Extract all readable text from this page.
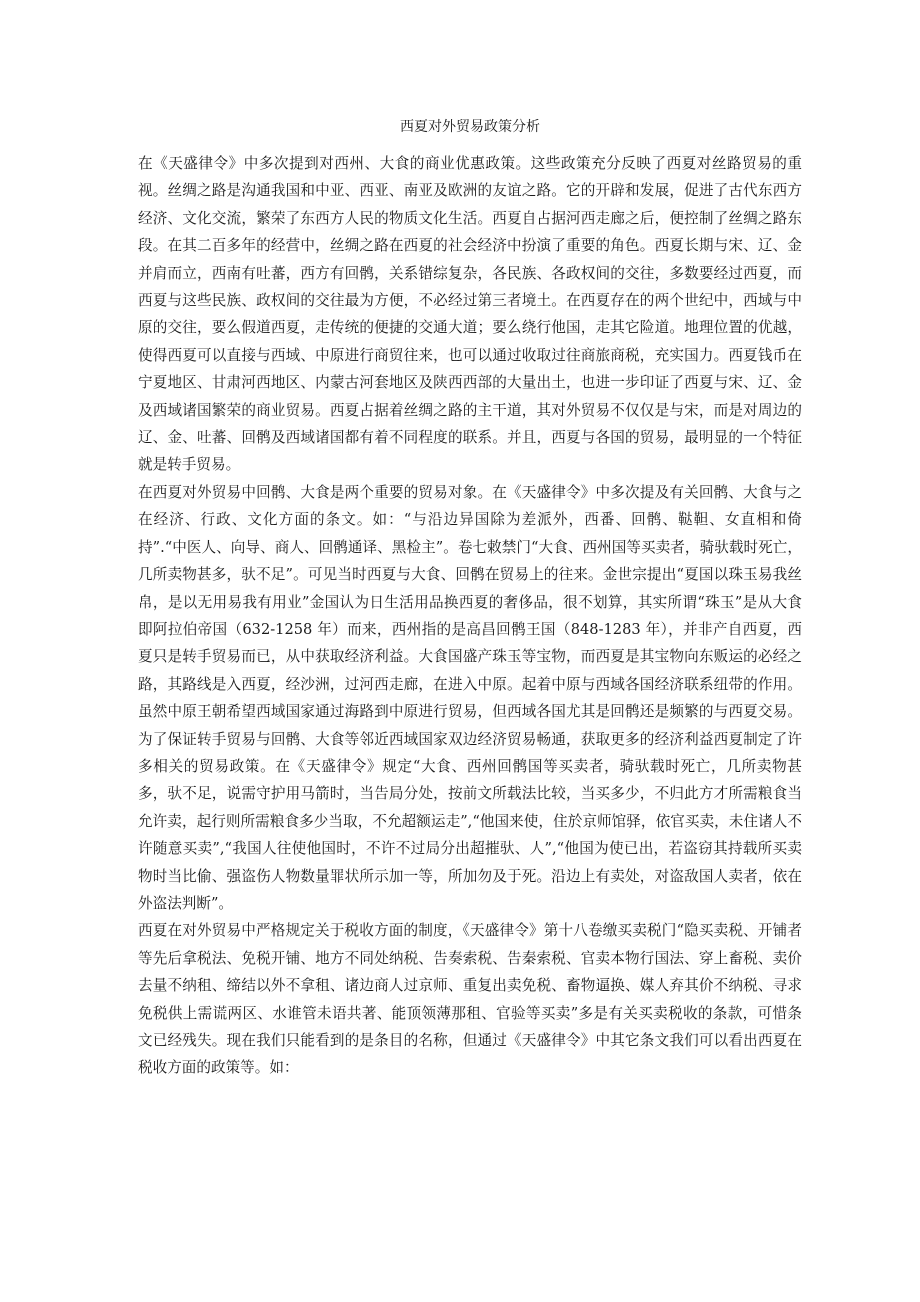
西夏对外贸易政策分析

在《天盛律令》中多次提到对西州、大食的商业优惠政策。这些政策充分反映了西夏对丝路贸易的重视。丝绸之路是沟通我国和中亚、西亚、南亚及欧洲的友谊之路。它的开辟和发展，促进了古代东西方经济、文化交流，繁荣了东西方人民的物质文化生活。西夏自占据河西走廊之后，便控制了丝绸之路东段。在其二百多年的经营中，丝绸之路在西夏的社会经济中扮演了重要的角色。西夏长期与宋、辽、金并肩而立，西南有吐蕃，西方有回鹘，关系错综复杂，各民族、各政权间的交往，多数要经过西夏，而西夏与这些民族、政权间的交往最为方便，不必经过第三者境土。在西夏存在的两个世纪中，西域与中原的交往，要么假道西夏，走传统的便捷的交通大道；要么绕行他国，走其它险道。地理位置的优越，使得西夏可以直接与西域、中原进行商贸往来，也可以通过收取过往商旅商税，充实国力。西夏钱币在宁夏地区、甘肃河西地区、内蒙古河套地区及陕西西部的大量出土，也进一步印证了西夏与宋、辽、金及西域诸国繁荣的商业贸易。西夏占据着丝绸之路的主干道，其对外贸易不仅仅是与宋，而是对周边的辽、金、吐蕃、回鹘及西域诸国都有着不同程度的联系。并且，西夏与各国的贸易，最明显的一个特征就是转手贸易。

在西夏对外贸易中回鹘、大食是两个重要的贸易对象。在《天盛律令》中多次提及有关回鹘、大食与之在经济、行政、文化方面的条文。如：“与沿边异国除为差派外，西番、回鹘、鞑靼、女直相和倚持”.“中医人、向导、商人、回鹘通译、黑检主”。卷七敕禁门“大食、西州国等买卖者，骑驮载时死亡，几所卖物甚多，驮不足”。可见当时西夏与大食、回鹘在贸易上的往来。金世宗提出“夏国以珠玉易我丝帛，是以无用易我有用业”金国认为日生活用品换西夏的奢侈品，很不划算，其实所谓“珠玉”是从大食即阿拉伯帝国（632-1258 年）而来，西州指的是高昌回鹘王国（848-1283 年），并非产自西夏，西夏只是转手贸易而已，从中获取经济利益。大食国盛产珠玉等宝物，而西夏是其宝物向东贩运的必经之路，其路线是入西夏，经沙洲，过河西走廊，在进入中原。起着中原与西域各国经济联系纽带的作用。虽然中原王朝希望西域国家通过海路到中原进行贸易，但西域各国尤其是回鹘还是频繁的与西夏交易。为了保证转手贸易与回鹘、大食等邻近西域国家双边经济贸易畅通，获取更多的经济利益西夏制定了许多相关的贸易政策。在《天盛律令》规定“大食、西州回鹘国等买卖者，骑驮载时死亡，几所卖物甚多，驮不足，说需守护用马箭时，当告局分处，按前文所载法比较，当买多少，不归此方才所需粮食当允许卖，起行则所需粮食多少当取，不允超额运走”,“他国来使，住於京师馆驿，依官买卖，未住诸人不许随意买卖”,“我国人往使他国时，不许不过局分出超摧驮、人”,“他国为使已出，若盗窃其持载所买卖物时当比偷、强盗伤人物数量罪状所示加一等，所加勿及于死。沿边上有卖处，对盗敌国人卖者，依在外盗法判断”。

西夏在对外贸易中严格规定关于税收方面的制度，《天盛律令》第十八卷缴买卖税门“隐买卖税、开铺者等先后拿税法、免税开铺、地方不同处纳税、告奏索税、告秦索税、官卖本物行国法、穿上畜税、卖价去量不纳租、缔结以外不拿租、诸边商人过京师、重复出卖免税、畜物逼换、媒人弃其价不纳税、寻求免税供上需谎两区、水谁管未语共著、能顶领薄那租、官验等买卖”多是有关买卖税收的条款，可惜条文已经残失。现在我们只能看到的是条目的名称，但通过《天盛律令》中其它条文我们可以看出西夏在税收方面的政策等。如：
